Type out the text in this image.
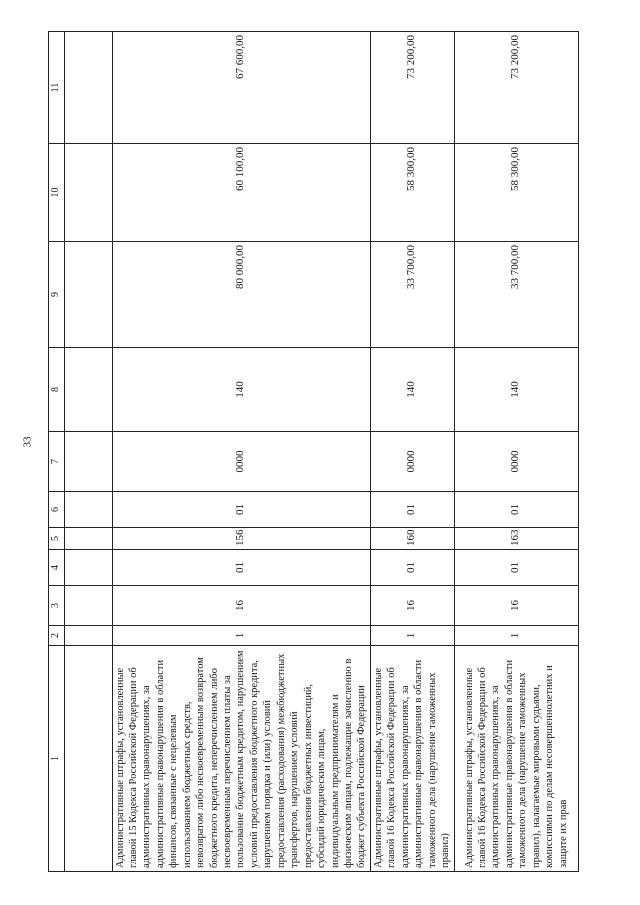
33
1	2	3	4	5	6	7	8	9	10	11

Административные штрафы, установленные главой 15 Кодекса Российской Федерации об административных правонарушениях, за административные правонарушения в области финансов, связанные с нецелевым использованием бюджетных средств, невозвратом либо несвоевременным возвратом бюджетного кредита, неперечислением либо несвоевременным перечислением платы за пользование бюджетным кредитом, нарушением условий предоставления бюджетного кредита, нарушением порядка и (или) условий предоставления (расходования) межбюджетных трансфертов, нарушением условий предоставления бюджетных инвестиций, субсидий юридическим лицам, индивидуальным предпринимателям и физическим лицам, подлежащие зачислению в бюджет субъекта Российской Федерации	1	16	01	156	01	0000	140	80 000,00	60 100,00	67 600,00
Административные штрафы, установленные главой 16 Кодекса Российской Федерации об административных правонарушениях, за административные правонарушения в области таможенного дела (нарушение таможенных правил)	1	16	01	160	01	0000	140	33 700,00	58 300,00	73 200,00
Административные штрафы, установленные главой 16 Кодекса Российской Федерации об административных правонарушениях, за административные правонарушения в области таможенного дела (нарушение таможенных правил), налагаемые мировыми судьями, комиссиями по делам несовершеннолетних и защите их прав	1	16	01	163	01	0000	140	33 700,00	58 300,00	73 200,00
